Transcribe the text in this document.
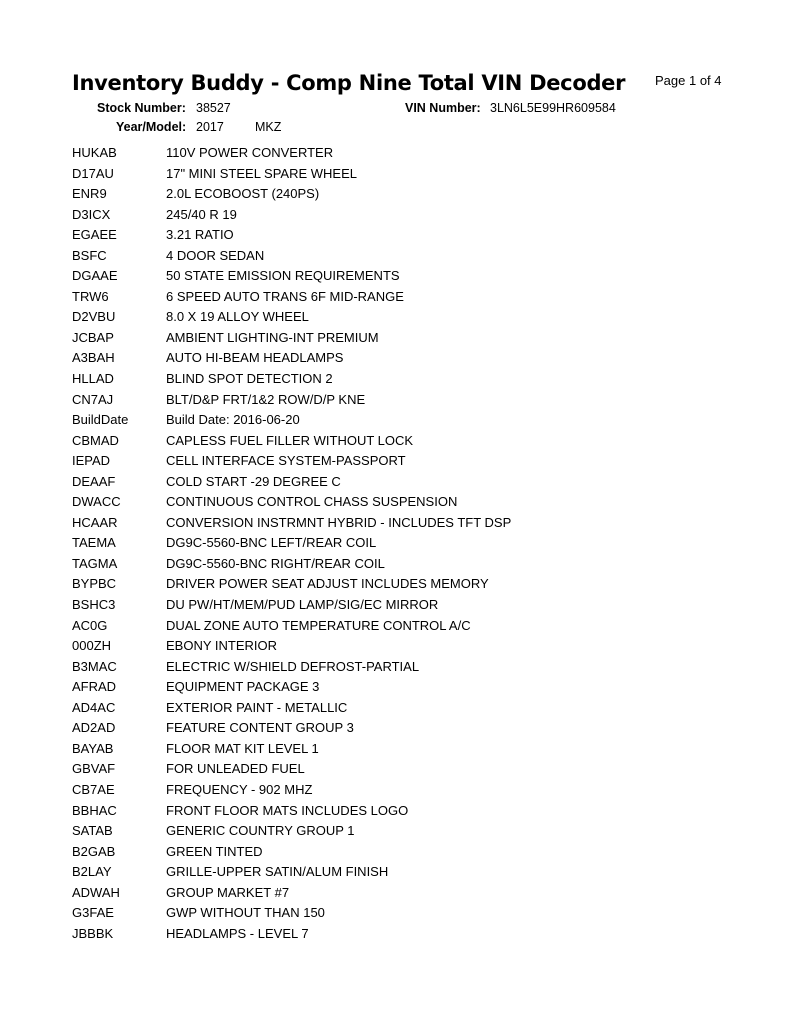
Inventory Buddy - Comp Nine Total VIN Decoder Page 1 of 4
Stock Number: 38527	VIN Number: 3LN6L5E99HR609584
Year/Model: 2017 MKZ
HUKAB	110V POWER CONVERTER
D17AU	17" MINI STEEL SPARE WHEEL
ENR9	2.0L ECOBOOST (240PS)
D3ICX	245/40 R 19
EGAEE	3.21 RATIO
BSFC	4 DOOR SEDAN
DGAAE	50 STATE EMISSION REQUIREMENTS
TRW6	6 SPEED AUTO TRANS 6F MID-RANGE
D2VBU	8.0 X 19 ALLOY WHEEL
JCBAP	AMBIENT LIGHTING-INT PREMIUM
A3BAH	AUTO HI-BEAM HEADLAMPS
HLLAD	BLIND SPOT DETECTION 2
CN7AJ	BLT/D&P FRT/1&2 ROW/D/P KNE
BuildDate	Build Date: 2016-06-20
CBMAD	CAPLESS FUEL FILLER WITHOUT LOCK
IEPAD	CELL INTERFACE SYSTEM-PASSPORT
DEAAF	COLD START -29 DEGREE C
DWACC	CONTINUOUS CONTROL CHASS SUSPENSION
HCAAR	CONVERSION INSTRMNT HYBRID - INCLUDES TFT DSP
TAEMA	DG9C-5560-BNC LEFT/REAR COIL
TAGMA	DG9C-5560-BNC RIGHT/REAR COIL
BYPBC	DRIVER POWER SEAT ADJUST INCLUDES MEMORY
BSHC3	DU PW/HT/MEM/PUD LAMP/SIG/EC MIRROR
AC0G	DUAL ZONE AUTO TEMPERATURE CONTROL A/C
000ZH	EBONY INTERIOR
B3MAC	ELECTRIC W/SHIELD DEFROST-PARTIAL
AFRAD	EQUIPMENT PACKAGE 3
AD4AC	EXTERIOR PAINT - METALLIC
AD2AD	FEATURE CONTENT GROUP 3
BAYAB	FLOOR MAT KIT LEVEL 1
GBVAF	FOR UNLEADED FUEL
CB7AE	FREQUENCY - 902 MHZ
BBHAC	FRONT FLOOR MATS INCLUDES LOGO
SATAB	GENERIC COUNTRY GROUP 1
B2GAB	GREEN TINTED
B2LAY	GRILLE-UPPER SATIN/ALUM FINISH
ADWAH	GROUP MARKET #7
G3FAE	GWP WITHOUT THAN 150
JBBBK	HEADLAMPS - LEVEL 7
